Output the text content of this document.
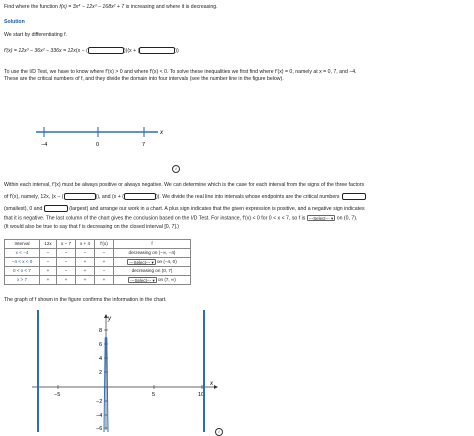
Find where the function f(x) = 3x⁴ − 12x³ − 168x² + 7 is increasing and where it is decreasing.
Solution
We start by differentiating f.
f′(x) = 12x³ − 36x² − 336x = 12x(x − (	))(x + (	))
To use the I/D Test, we have to know where f′(x) > 0 and where f′(x) < 0. To solve these inequalities we first find where f′(x) = 0, namely at x = 0, 7, and −4.
These are the critical numbers of f, and they divide the domain into four intervals (see the number line in the figure below).
x
−4	0	7
i
Within each interval, f′(x) must be always positive or always negative. We can determine which is the case for each interval from the signs of the three factors
of f′(x), namely, 12x, (x − (	)), and (x + (	)). We divide the real line into intervals whose endpoints are the critical numbers
(smallest), 0 and	(largest) and arrange our work in a chart. A plus sign indicates that the given expression is positive, and a negative sign indicates
that it is negative. The last column of the chart gives the conclusion based on the I/D Test. For instance, f′(x) < 0 for 0 < x < 7, so f is ---Select--- ▾ on (0, 7).
(It would also be true to say that f is decreasing on the closed interval [0, 7].)
Interval	12x	x − 7	x + 4	f′(x)	f
x < −4	−	−	−	−	decreasing on (−∞, −4)
−4 < x < 0	−	−	+	+	---Select--- ▾ on (−4, 0)
0 < x < 7	+	−	+	−	decreasing on (0, 7)
x > 7	+	+	+	+	---Select--- ▾ on (7, ∞)
The graph of f shown in the figure confirms the information in the chart.
x
y
−5	5	10
8
6
4
2
−2
−4
−6	i
